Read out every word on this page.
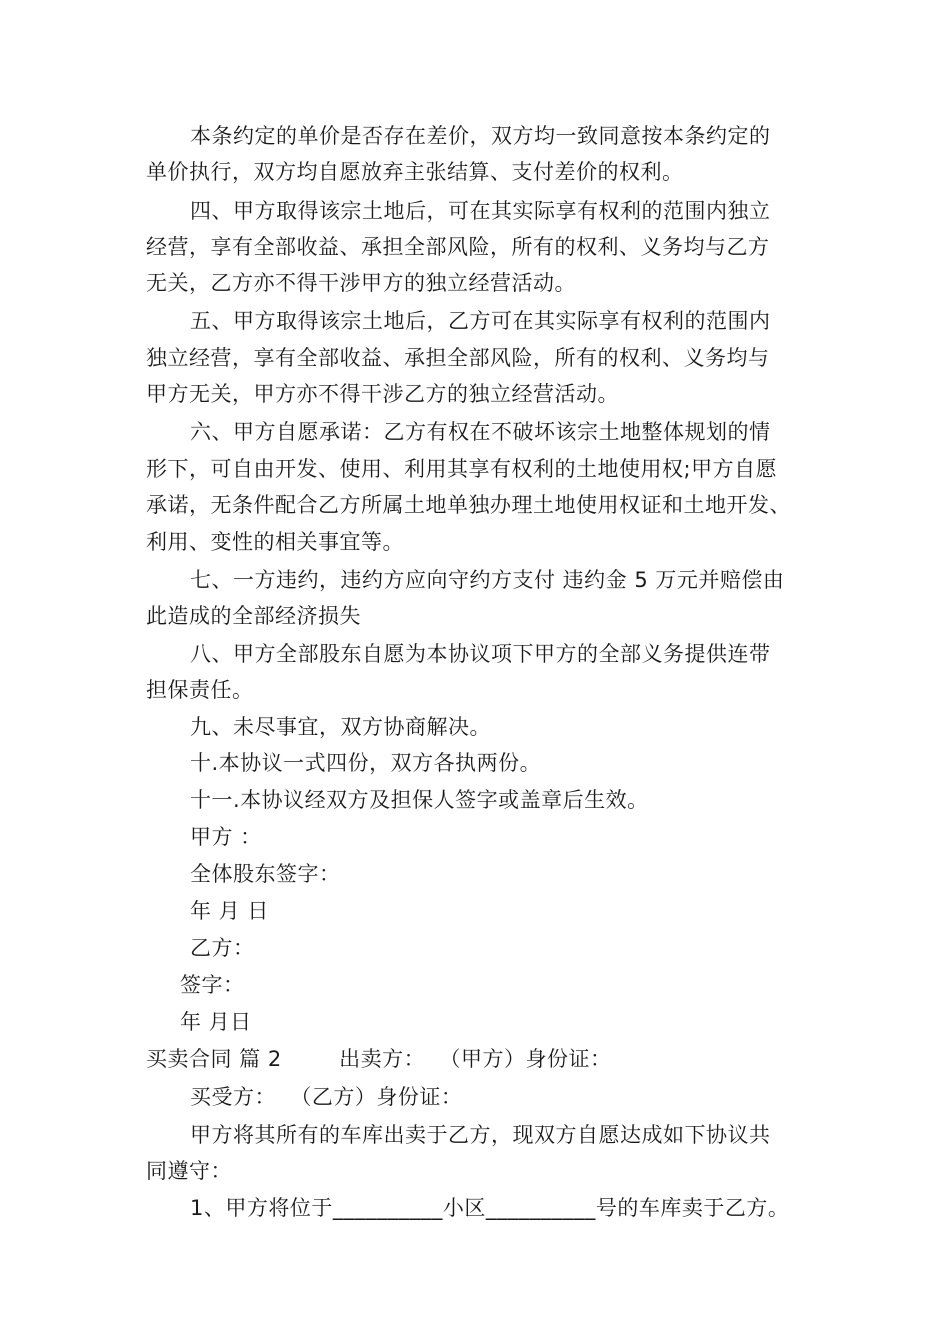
本条约定的单价是否存在差价，双方均一致同意按本条约定的
单价执行，双方均自愿放弃主张结算、支付差价的权利。
四、甲方取得该宗土地后，可在其实际享有权利的范围内独立
经营，享有全部收益、承担全部风险，所有的权利、义务均与乙方
无关，乙方亦不得干涉甲方的独立经营活动。
五、甲方取得该宗土地后，乙方可在其实际享有权利的范围内
独立经营，享有全部收益、承担全部风险，所有的权利、义务均与
甲方无关，甲方亦不得干涉乙方的独立经营活动。
六、甲方自愿承诺：乙方有权在不破坏该宗土地整体规划的情
形下，可自由开发、使用、利用其享有权利的土地使用权;甲方自愿
承诺，无条件配合乙方所属土地单独办理土地使用权证和土地开发、
利用、变性的相关事宜等。
七、一方违约，违约方应向守约方支付 违约金 5 万元并赔偿由
此造成的全部经济损失
八、甲方全部股东自愿为本协议项下甲方的全部义务提供连带
担保责任。
九、未尽事宜，双方协商解决。
十.本协议一式四份，双方各执两份。
十一.本协议经双方及担保人签字或盖章后生效。
甲方 ：
全体股东签字：
年 月 日
乙方：
签字：
年 月日
买卖合同 篇 2        出卖方：  （甲方）身份证：
买受方：  （乙方）身份证：
甲方将其所有的车库出卖于乙方，现双方自愿达成如下协议共
同遵守：
1、甲方将位于__________小区__________号的车库卖于乙方。
